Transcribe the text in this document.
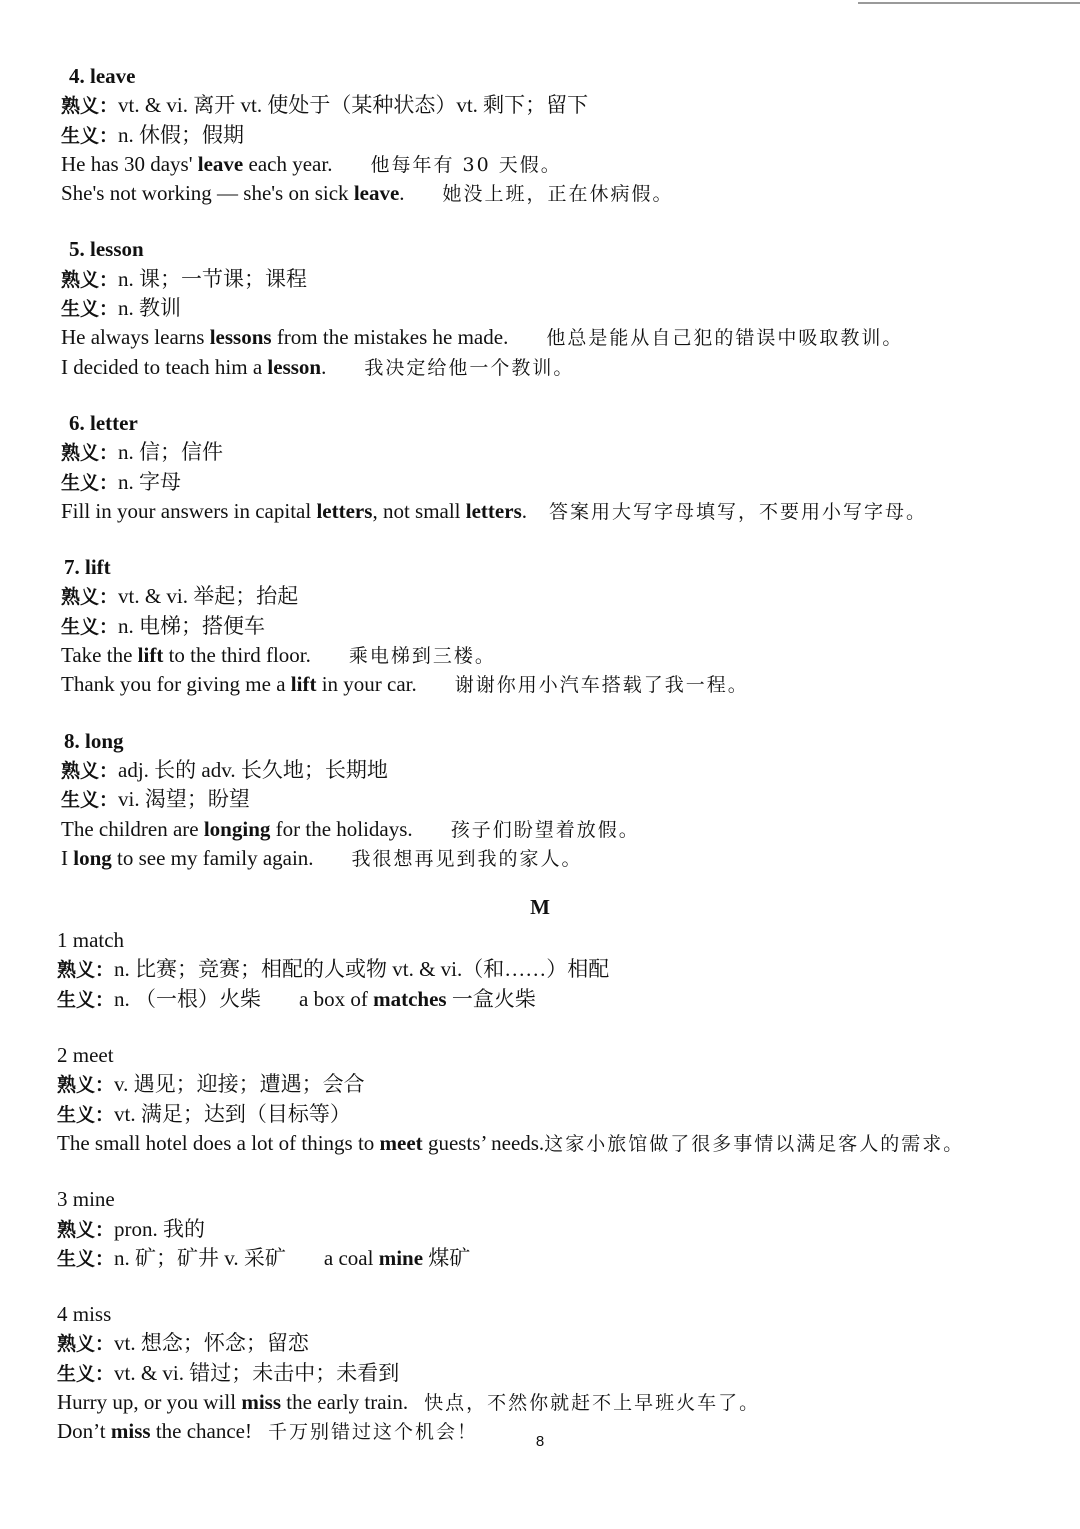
4. leave
熟义：vt. & vi. 离开 vt. 使处于（某种状态）vt. 剩下；留下
生义：n. 休假；假期
He has 30 days' leave each year. 他每年有 30 天假。
She's not working — she's on sick leave. 她没上班，正在休病假。
5. lesson
熟义：n. 课；一节课；课程
生义：n. 教训
He always learns lessons from the mistakes he made. 他总是能从自己犯的错误中吸取教训。
I decided to teach him a lesson. 我决定给他一个教训。
6. letter
熟义：n. 信；信件
生义：n. 字母
Fill in your answers in capital letters, not small letters. 答案用大写字母填写，不要用小写字母。
7. lift
熟义：vt. & vi. 举起；抬起
生义：n. 电梯；搭便车
Take the lift to the third floor. 乘电梯到三楼。
Thank you for giving me a lift in your car. 谢谢你用小汽车搭载了我一程。
8. long
熟义：adj. 长的 adv. 长久地；长期地
生义：vi. 渴望；盼望
The children are longing for the holidays. 孩子们盼望着放假。
I long to see my family again. 我很想再见到我的家人。
M
1 match
熟义：n. 比赛；竞赛；相配的人或物 vt. & vi.（和……）相配
生义：n. （一根）火柴 a box of matches 一盒火柴
2 meet
熟义：v. 遇见；迎接；遭遇；会合
生义：vt. 满足；达到（目标等）
The small hotel does a lot of things to meet guests’ needs.这家小旅馆做了很多事情以满足客人的需求。
3 mine
熟义：pron. 我的
生义：n. 矿；矿井 v. 采矿 a coal mine 煤矿
4 miss
熟义：vt. 想念；怀念；留恋
生义：vt. & vi. 错过；未击中；未看到
Hurry up, or you will miss the early train. 快点，不然你就赶不上早班火车了。
Don’t miss the chance! 千万别错过这个机会！	8
